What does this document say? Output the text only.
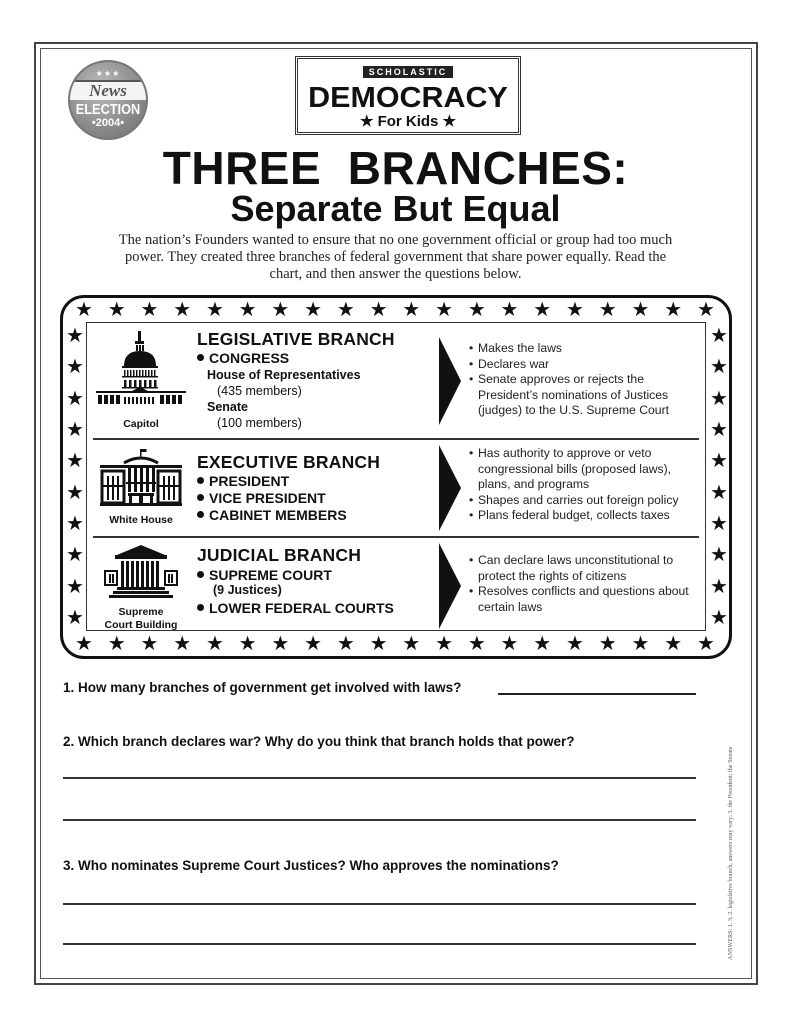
★★★
News
ELECTION
•2004•
SCHOLASTIC
DEMOCRACY
★ For Kids ★
THREE  BRANCHES:
Separate But Equal
The nation’s Founders wanted to ensure that no one government official or group had too much power. They created three branches of federal government that share power equally. Read the chart, and then answer the questions below.
★ ★ ★ ★ ★ ★ ★ ★ ★ ★ ★ ★ ★ ★ ★ ★ ★ ★ ★ ★
★ ★ ★ ★ ★ ★ ★ ★ ★ ★ ★ ★ ★ ★ ★ ★ ★ ★ ★ ★
★
★
★
★
★
★
★
★
★
★
★
★
★
★
★
★
★
★
★
★
Capitol
LEGISLATIVE BRANCH
CONGRESS
House of Representatives
(435 members)
Senate
(100 members)
• Makes the laws
• Declares war
• Senate approves or rejects the President’s nominations of Justices (judges) to the U.S. Supreme Court
White House
EXECUTIVE BRANCH
PRESIDENT
VICE PRESIDENT
CABINET MEMBERS
• Has authority to approve or veto congressional bills (proposed laws), plans, and programs
• Shapes and carries out foreign policy
• Plans federal budget, collects taxes
Supreme
Court Building
JUDICIAL BRANCH
SUPREME COURT
(9 Justices)
LOWER FEDERAL COURTS
• Can declare laws unconstitutional to protect the rights of citizens
• Resolves conflicts and questions about certain laws
1. How many branches of government get involved with laws?
2. Which branch declares war? Why do you think that branch holds that power?
3. Who nominates Supreme Court Justices? Who approves the nominations?	ANSWERS: 1. 3; 2. legislative branch, answers may vary; 3. the President; the Senate
